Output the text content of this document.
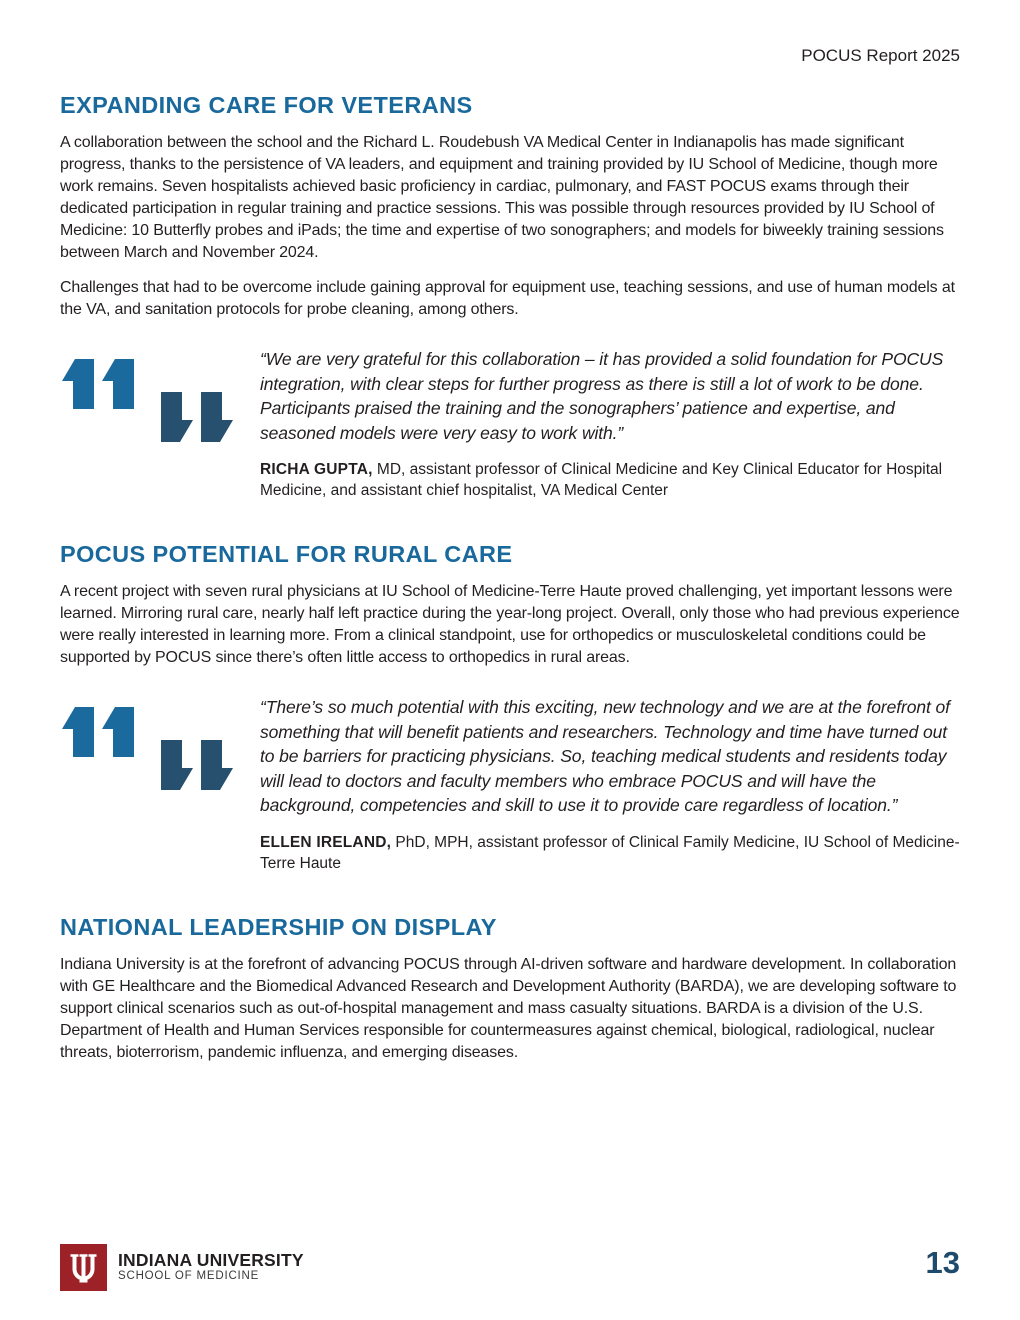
POCUS Report 2025
EXPANDING CARE FOR VETERANS

A collaboration between the school and the Richard L. Roudebush VA Medical Center in Indianapolis has made significant progress, thanks to the persistence of VA leaders, and equipment and training provided by IU School of Medicine, though more work remains. Seven hospitalists achieved basic proficiency in cardiac, pulmonary, and FAST POCUS exams through their dedicated participation in regular training and practice sessions. This was possible through resources provided by IU School of Medicine: 10 Butterfly probes and iPads; the time and expertise of two sonographers; and models for biweekly training sessions between March and November 2024.

Challenges that had to be overcome include gaining approval for equipment use, teaching sessions, and use of human models at the VA, and sanitation protocols for probe cleaning, among others.

“We are very grateful for this collaboration – it has provided a solid foundation for POCUS integration, with clear steps for further progress as there is still a lot of work to be done. Participants praised the training and the sonographers’ patience and expertise, and seasoned models were very easy to work with.”

RICHA GUPTA, MD, assistant professor of Clinical Medicine and Key Clinical Educator for Hospital Medicine, and assistant chief hospitalist, VA Medical Center

POCUS POTENTIAL FOR RURAL CARE

A recent project with seven rural physicians at IU School of Medicine-Terre Haute proved challenging, yet important lessons were learned. Mirroring rural care, nearly half left practice during the year-long project. Overall, only those who had previous experience were really interested in learning more. From a clinical standpoint, use for orthopedics or musculoskeletal conditions could be supported by POCUS since there’s often little access to orthopedics in rural areas.

“There’s so much potential with this exciting, new technology and we are at the forefront of something that will benefit patients and researchers. Technology and time have turned out to be barriers for practicing physicians. So, teaching medical students and residents today will lead to doctors and faculty members who embrace POCUS and will have the background, competencies and skill to use it to provide care regardless of location.”

ELLEN IRELAND, PhD, MPH, assistant professor of Clinical Family Medicine, IU School of Medicine-Terre Haute

NATIONAL LEADERSHIP ON DISPLAY

Indiana University is at the forefront of advancing POCUS through AI-driven software and hardware development. In collaboration with GE Healthcare and the Biomedical Advanced Research and Development Authority (BARDA), we are developing software to support clinical scenarios such as out-of-hospital management and mass casualty situations. BARDA is a division of the U.S. Department of Health and Human Services responsible for countermeasures against chemical, biological, radiological, nuclear threats, bioterrorism, pandemic influenza, and emerging diseases.

INDIANA UNIVERSITY
SCHOOL OF MEDICINE	13
